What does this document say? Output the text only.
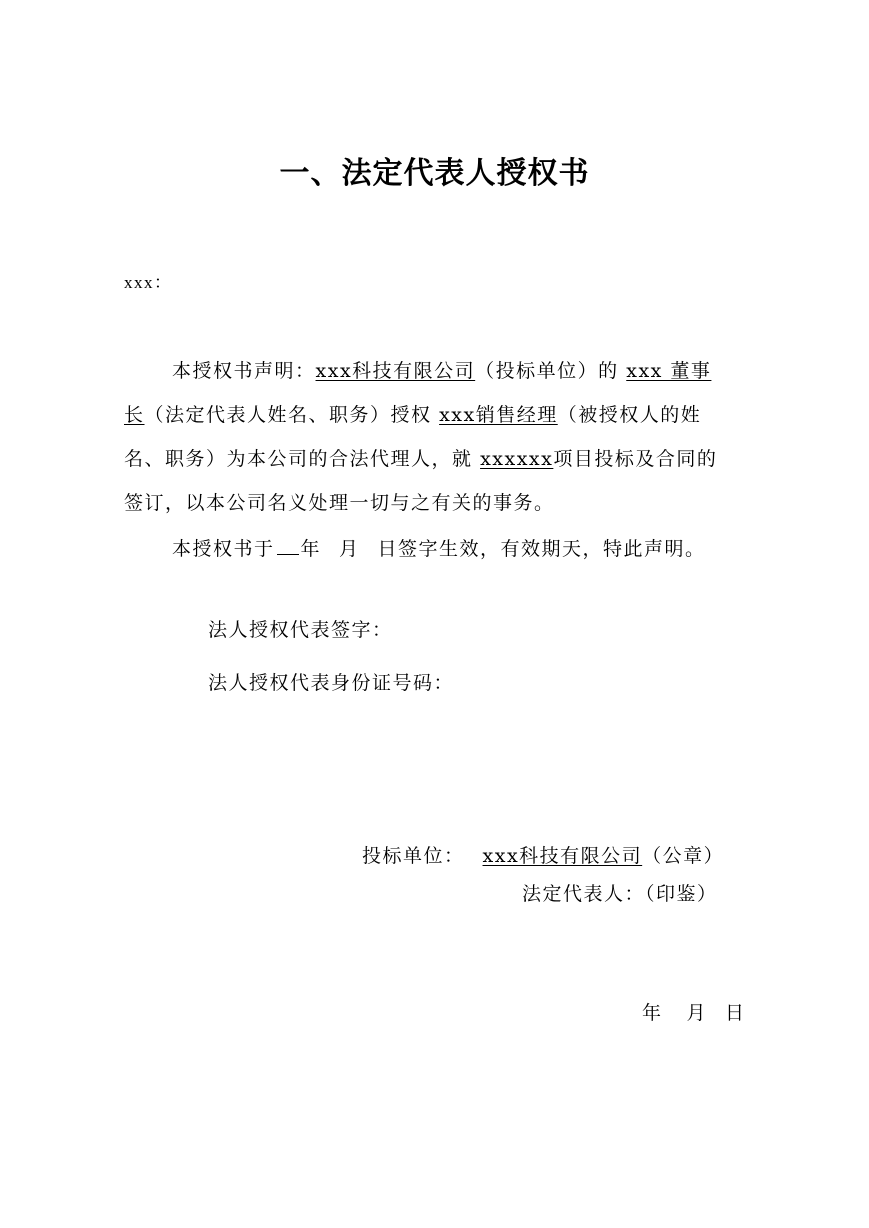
一、法定代表人授权书
xxx：
本授权书声明：xxx科技有限公司（投标单位）的 xxx 董事
长（法定代表人姓名、职务）授权 xxx销售经理（被授权人的姓
名、职务）为本公司的合法代理人，就 xxxxxx项目投标及合同的
签订，以本公司名义处理一切与之有关的事务。
本授权书于 年 月 日签字生效，有效期天，特此声明。
法人授权代表签字：
法人授权代表身份证号码：
投标单位： xxx科技有限公司（公章）
法定代表人：（印鉴）
年 月 日
